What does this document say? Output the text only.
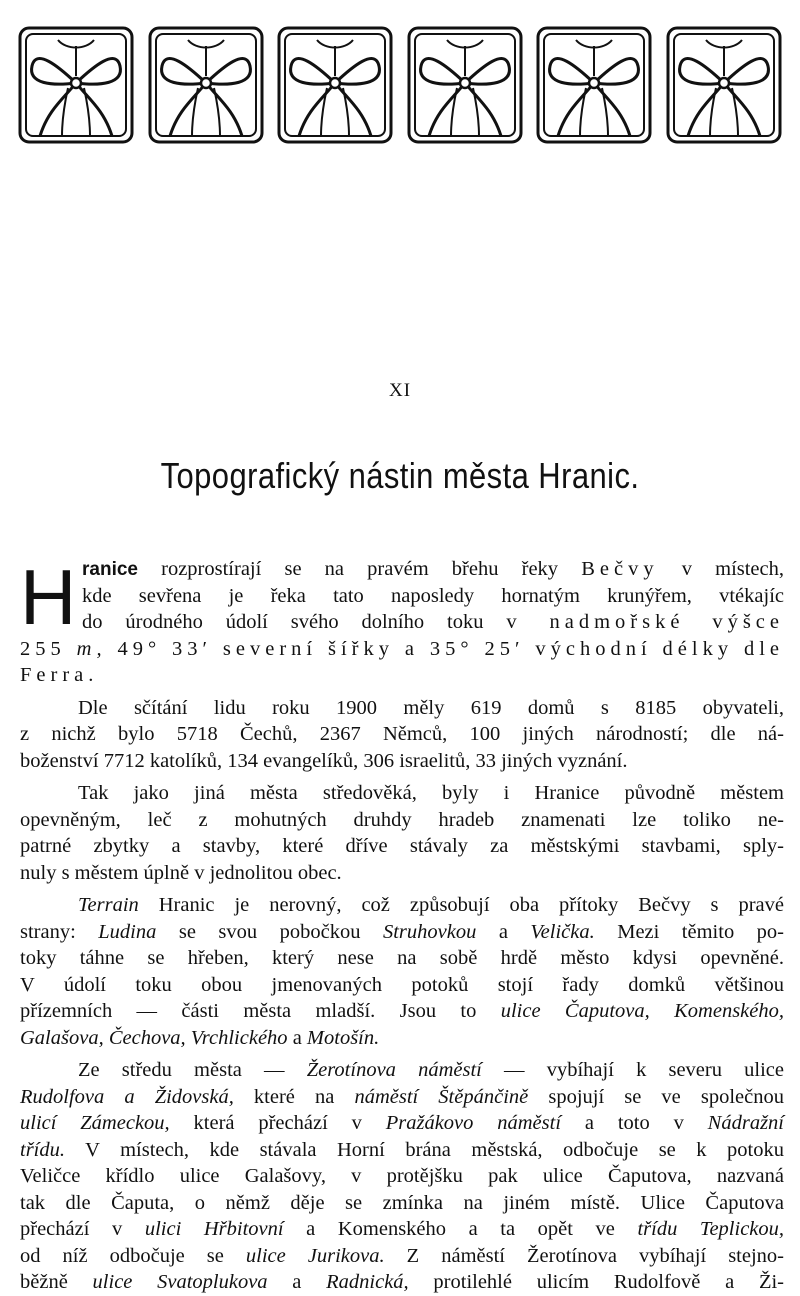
XI
Topografický nástin města Hranic.
H ranice rozprostírají se na pravém břehu řeky Bečvy v místech,
kde sevřena je řeka tato naposledy hornatým krunýřem, vtékajíc
do úrodného údolí svého dolního toku v nadmořské výšce
255 m, 49° 33′ severní šířky a 35° 25′ východní délky dle
Ferra.
Dle sčítání lidu roku 1900 měly 619 domů s 8185 obyvateli,
z nichž bylo 5718 Čechů, 2367 Němců, 100 jiných národností; dle ná-
boženství 7712 katolíků, 134 evangelíků, 306 israelitů, 33 jiných vyznání.
Tak jako jiná města středověká, byly i Hranice původně městem
opevněným, leč z mohutných druhdy hradeb znamenati lze toliko ne-
patrné zbytky a stavby, které dříve stávaly za městskými stavbami, sply-
nuly s městem úplně v jednolitou obec.
Terrain Hranic je nerovný, což způsobují oba přítoky Bečvy s pravé
strany: Ludina se svou pobočkou Struhovkou a Velička. Mezi těmito po-
toky táhne se hřeben, který nese na sobě hrdě město kdysi opevněné.
V údolí toku obou jmenovaných potoků stojí řady domků většinou
přízemních — části města mladší. Jsou to ulice Čaputova, Komenského,
Galašova, Čechova, Vrchlického a Motošín.
Ze středu města — Žerotínova náměstí — vybíhají k severu ulice
Rudolfova a Židovská, které na náměstí Štěpánčině spojují se ve společnou
ulicí Zámeckou, která přechází v Pražákovo náměstí a toto v Nádražní
třídu. V místech, kde stávala Horní brána městská, odbočuje se k potoku
Veličce křídlo ulice Galašovy, v protějšku pak ulice Čaputova, nazvaná
tak dle Čaputa, o němž děje se zmínka na jiném místě. Ulice Čaputova
přechází v ulici Hřbitovní a Komenského a ta opět ve třídu Teplickou,
od níž odbočuje se ulice Jurikova. Z náměstí Žerotínova vybíhají stejno-
běžně ulice Svatoplukova a Radnická, protilehlé ulicím Rudolfově a Ži-
